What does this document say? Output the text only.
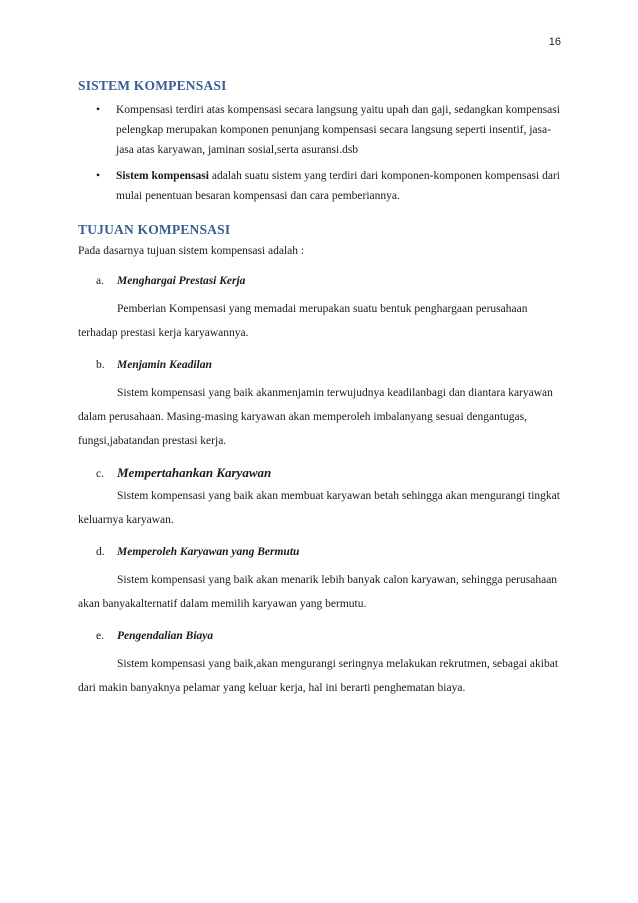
16
SISTEM KOMPENSASI
• Kompensasi terdiri atas kompensasi secara langsung yaitu upah dan gaji, sedangkan kompensasi pelengkap merupakan komponen penunjang kompensasi secara langsung seperti insentif, jasa-jasa atas karyawan, jaminan sosial,serta asuransi.dsb
• Sistem kompensasi adalah suatu sistem yang terdiri dari komponen-komponen kompensasi dari mulai penentuan besaran kompensasi dan cara pemberiannya.
TUJUAN KOMPENSASI

Pada dasarnya tujuan sistem kompensasi adalah :

a.	Menghargai Prestasi Kerja

Pemberian Kompensasi yang memadai merupakan suatu bentuk penghargaan perusahaan terhadap prestasi kerja karyawannya.

b.	Menjamin Keadilan

Sistem kompensasi yang baik akanmenjamin terwujudnya keadilanbagi dan diantara karyawan dalam perusahaan. Masing-masing karyawan akan memperoleh imbalanyang sesuai dengantugas, fungsi,jabatandan prestasi kerja.

c.	Mempertahankan Karyawan

Sistem kompensasi yang baik akan membuat karyawan betah sehingga akan mengurangi tingkat keluarnya karyawan.

d.	Memperoleh Karyawan yang Bermutu

Sistem kompensasi yang baik akan menarik lebih banyak calon karyawan, sehingga perusahaan akan banyakalternatif dalam memilih karyawan yang bermutu.

e.	Pengendalian Biaya

Sistem kompensasi yang baik,akan mengurangi seringnya melakukan rekrutmen, sebagai akibat dari makin banyaknya pelamar yang keluar kerja, hal ini berarti penghematan biaya.
